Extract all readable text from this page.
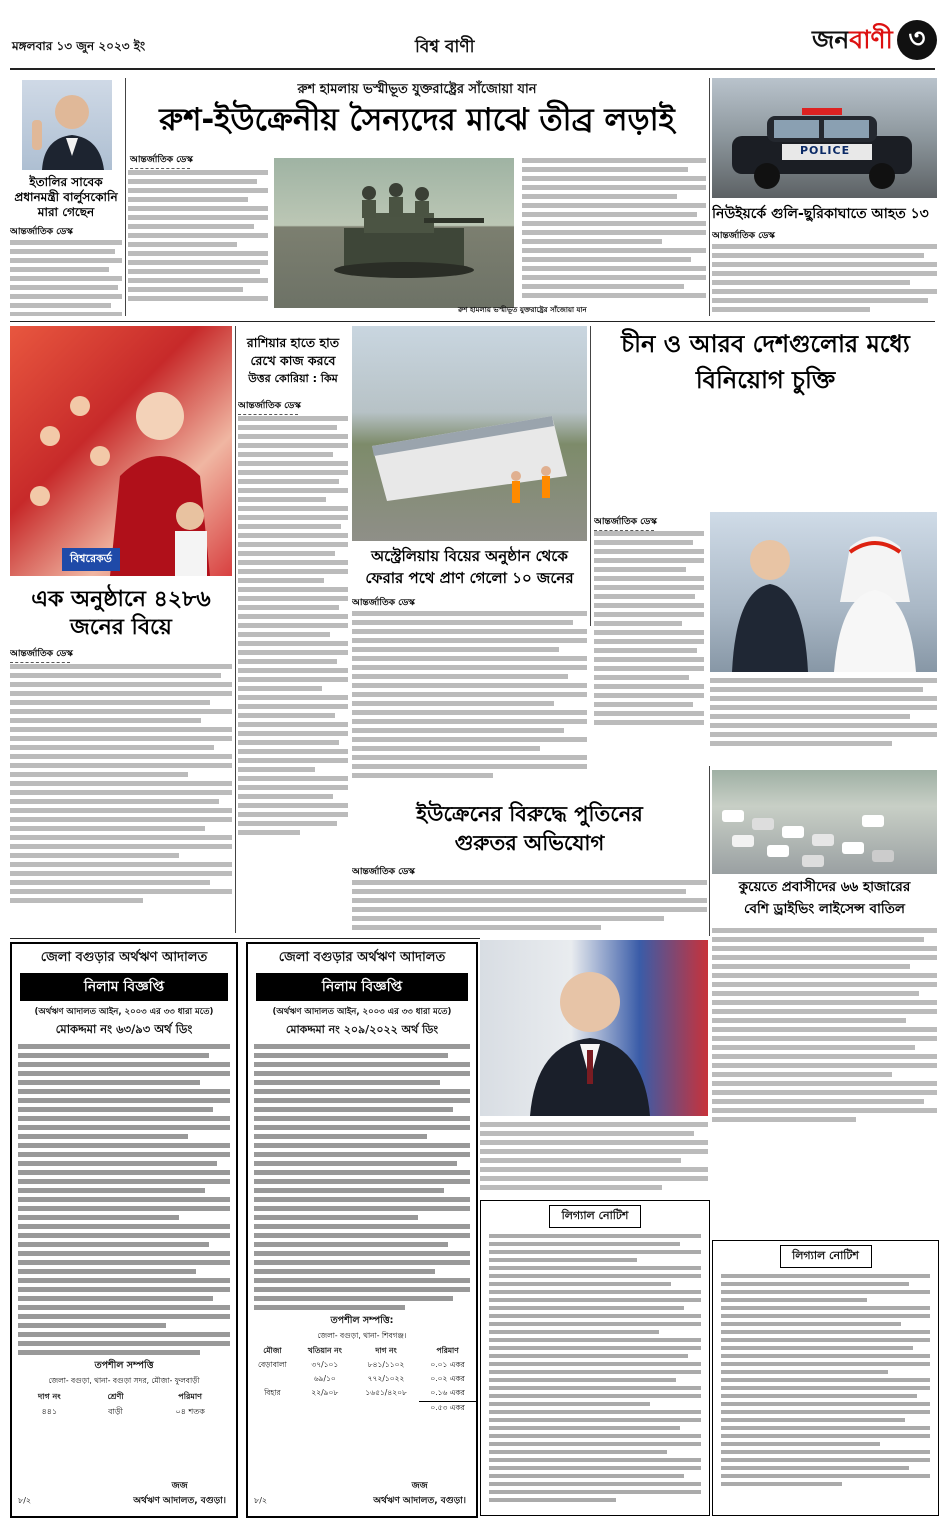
মঙ্গলবার ১৩ জুন ২০২৩ ইং	বিশ্ব বাণী	জনবাণী ৩
ইতালির সাবেক
প্রধানমন্ত্রী বার্লুসকোনি
মারা গেছেন
আন্তর্জাতিক ডেস্ক
রুশ হামলায় ভস্মীভূত যুক্তরাষ্ট্রের সাঁজোয়া যান
রুশ-ইউক্রেনীয় সৈন্যদের মাঝে তীব্র লড়াই
আন্তর্জাতিক ডেস্ক
রুশ হামলায় ভস্মীভূত যুক্তরাষ্ট্রের সাঁজোয়া যান
POLICE
নিউইয়র্কে গুলি-ছুরিকাঘাতে আহত ১৩
আন্তর্জাতিক ডেস্ক
বিশ্বরেকর্ড
এক অনুষ্ঠানে ৪২৮৬
জনের বিয়ে
আন্তর্জাতিক ডেস্ক
রাশিয়ার হাতে হাত
রেখে কাজ করবে
উত্তর কোরিয়া : কিম
আন্তর্জাতিক ডেস্ক
অস্ট্রেলিয়ায় বিয়ের অনুষ্ঠান থেকে
ফেরার পথে প্রাণ গেলো ১০ জনের
আন্তর্জাতিক ডেস্ক
চীন ও আরব দেশগুলোর মধ্যে
বিনিয়োগ চুক্তি
আন্তর্জাতিক ডেস্ক
ইউক্রেনের বিরুদ্ধে পুতিনের
গুরুতর অভিযোগ
আন্তর্জাতিক ডেস্ক
জেলা বগুড়ার অর্থঋণ আদালত
নিলাম বিজ্ঞপ্তি
(অর্থঋণ আদালত আইন, ২০০৩ এর ৩৩ ধারা মতে)
মোকদ্দমা নং ৬৩/৯৩ অর্থ ডিং
তপশীল সম্পত্তি
জেলা- বগুড়া, থানা- বগুড়া সদর, মৌজা- ফুলবাড়ী
দাগ নং	শ্রেণী	পরিমাণ
৪৪১	বাড়ী	০৪ শতক
জজ
অর্থঋণ আদালত, বগুড়া।
৮/২
জেলা বগুড়ার অর্থঋণ আদালত
নিলাম বিজ্ঞপ্তি
(অর্থঋণ আদালত আইন, ২০০৩ এর ৩৩ ধারা মতে)
মোকদ্দমা নং ২০৯/২০২২ অর্থ ডিং
তপশীল সম্পত্তি:
জেলা- বগুড়া, থানা- শিবগঞ্জ।
মৌজা	খতিয়ান নং	দাগ নং	পরিমাণ
বেড়াবালা	৩৭/১০১	৮৪১/১১০২	০.০১ একর
	৬৯/১০	৭৭২/১০২২	০.০২ একর
বিহার	২২/৯০৮	১৬৫১/৪২০৮	০.১৬ একর
			০.৫৩ একর
জজ
অর্থঋণ আদালত, বগুড়া।
৮/২
কুয়েতে প্রবাসীদের ৬৬ হাজারের
বেশি ড্রাইভিং লাইসেন্স বাতিল
লিগ্যাল নোটিশ
লিগ্যাল নোটিশ
